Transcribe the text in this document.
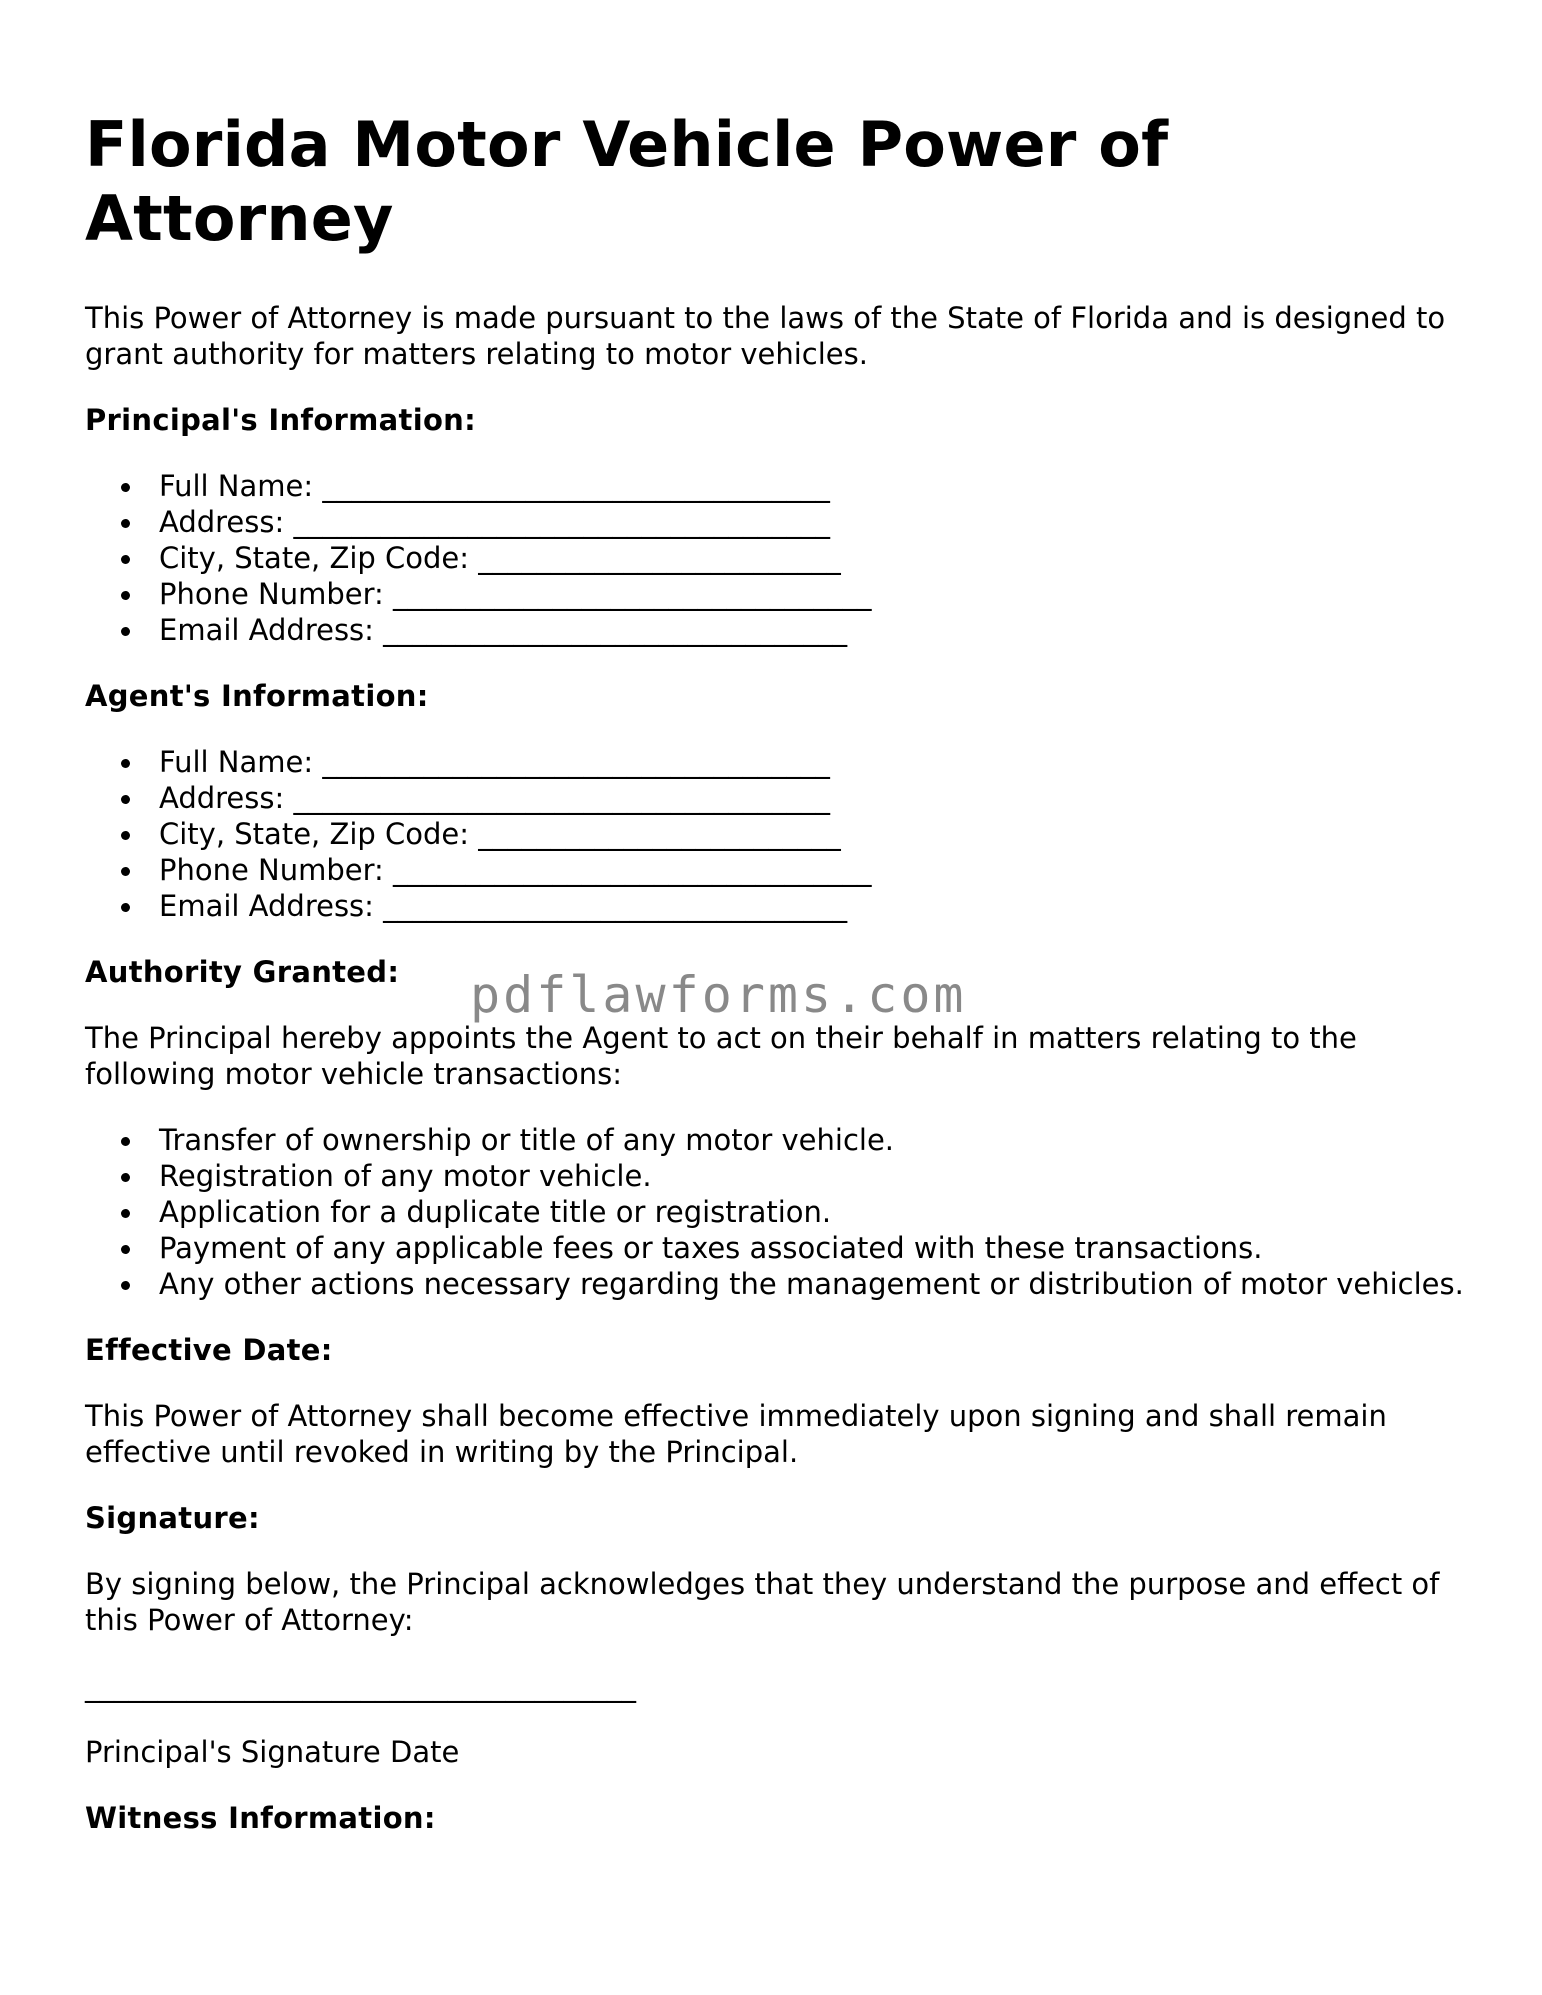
Florida Motor Vehicle Power of Attorney

This Power of Attorney is made pursuant to the laws of the State of Florida and is designed to grant authority for matters relating to motor vehicles.

Principal's Information:
Full Name: ___________________________________
Address: _____________________________________
City, State, Zip Code: _________________________
Phone Number: _________________________________
Email Address: ________________________________
Agent's Information:
Full Name: ___________________________________
Address: _____________________________________
City, State, Zip Code: _________________________
Phone Number: _________________________________
Email Address: ________________________________
Authority Granted:

The Principal hereby appoints the Agent to act on their behalf in matters relating to the following motor vehicle transactions:

Transfer of ownership or title of any motor vehicle.
Registration of any motor vehicle.
Application for a duplicate title or registration.
Payment of any applicable fees or taxes associated with these transactions.
Any other actions necessary regarding the management or distribution of motor vehicles.
Effective Date:

This Power of Attorney shall become effective immediately upon signing and shall remain effective until revoked in writing by the Principal.

Signature:

By signing below, the Principal acknowledges that they understand the purpose and effect of this Power of Attorney:

______________________________________

Principal's Signature Date

Witness Information:
pdflawforms.com
